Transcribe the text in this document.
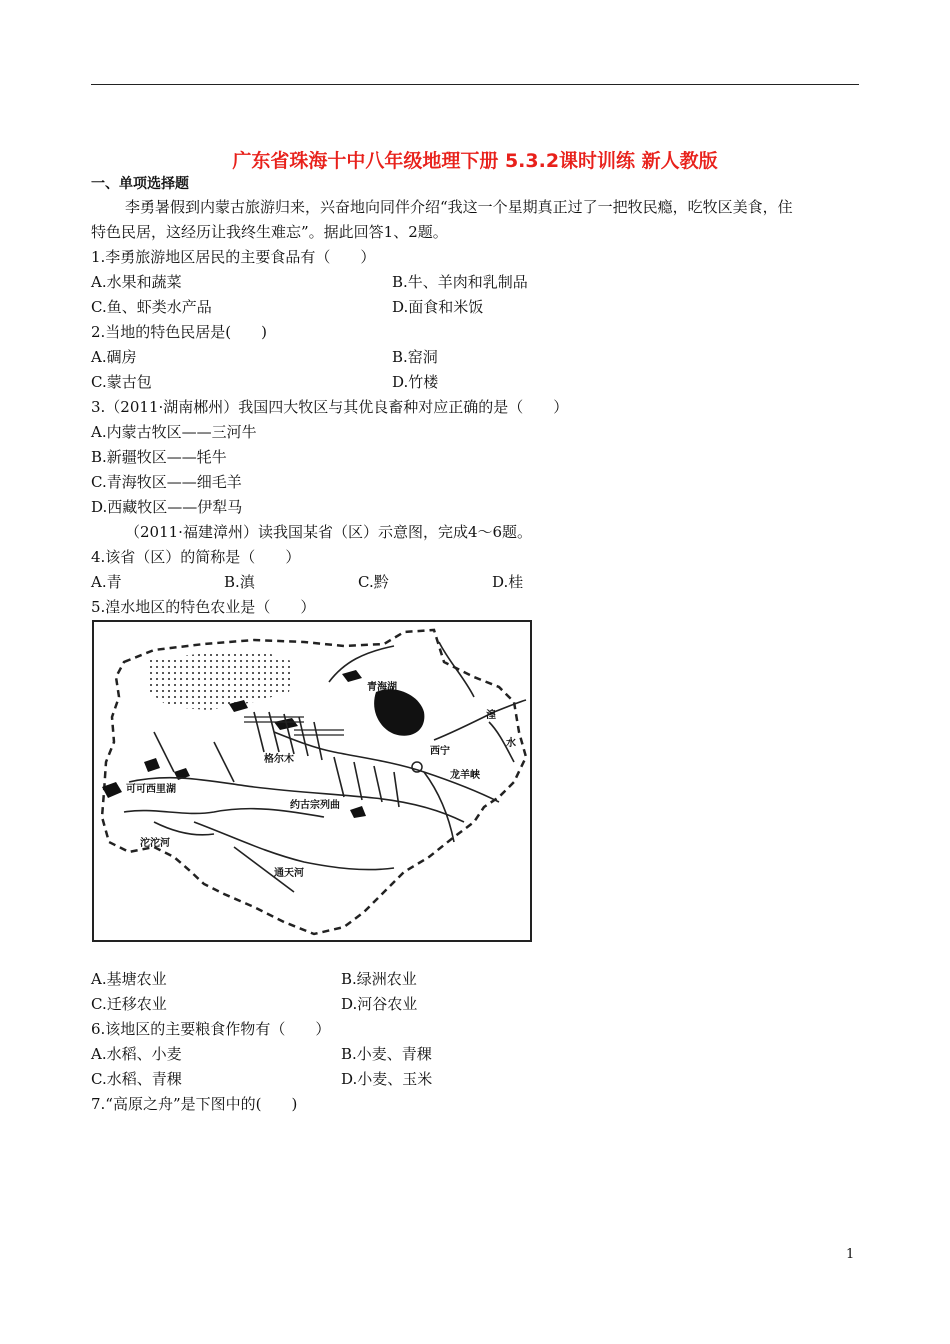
广东省珠海十中八年级地理下册 5.3.2课时训练 新人教版
一、单项选择题
李勇暑假到内蒙古旅游归来，兴奋地向同伴介绍“我这一个星期真正过了一把牧民瘾，吃牧区美食，住
特色民居，这经历让我终生难忘”。据此回答1、2题。
1.李勇旅游地区居民的主要食品有（　　）
A.水果和蔬菜	B.牛、羊肉和乳制品
C.鱼、虾类水产品	D.面食和米饭
2.当地的特色民居是(　　)
A.碉房	B.窑洞
C.蒙古包	D.竹楼
3.（2011·湖南郴州）我国四大牧区与其优良畜种对应正确的是（　　）
A.内蒙古牧区——三河牛
B.新疆牧区——牦牛
C.青海牧区——细毛羊
D.西藏牧区——伊犁马
（2011·福建漳州）读我国某省（区）示意图，完成4～6题。
4.该省（区）的简称是（　　）
A.青	B.滇	C.黔	D.桂
5.湟水地区的特色农业是（　　）
青海湖
湟
水
西宁
龙羊峡
格尔木
可可西里湖
约古宗列曲
沱沱河
通天河
A.基塘农业	B.绿洲农业
C.迁移农业	D.河谷农业
6.该地区的主要粮食作物有（　　）
A.水稻、小麦	B.小麦、青稞
C.水稻、青稞	D.小麦、玉米
7.“高原之舟”是下图中的(　　)
1
